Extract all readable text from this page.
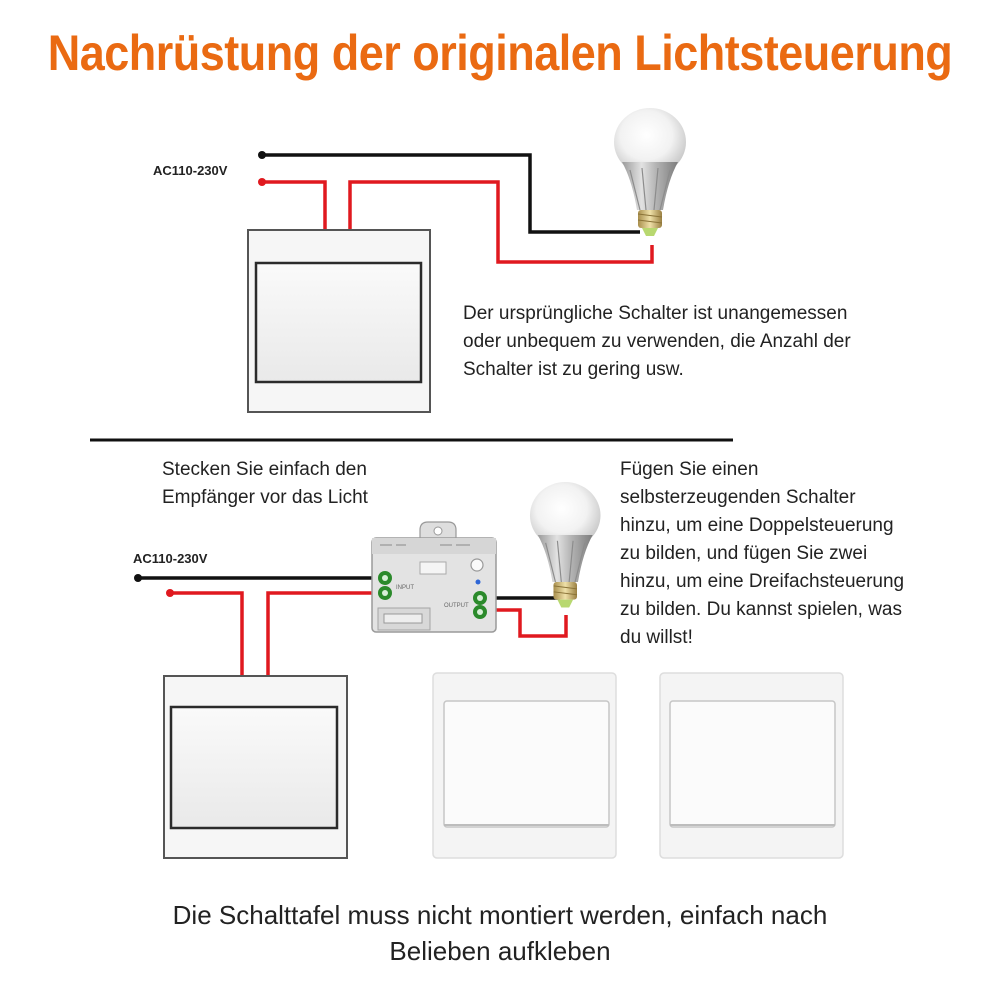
Nachrüstung der originalen Lichtsteuerung
INPUT
OUTPUT
AC110-230V
AC110-230V
Der ursprüngliche Schalter ist unangemessen
oder unbequem zu verwenden, die Anzahl der
Schalter ist zu gering usw.
Stecken Sie einfach den
Empfänger vor das Licht
Fügen Sie einen
selbsterzeugenden Schalter
hinzu, um eine Doppelsteuerung
zu bilden, und fügen Sie zwei
hinzu, um eine Dreifachsteuerung
zu bilden. Du kannst spielen, was
du willst!
Die Schalttafel muss nicht montiert werden, einfach nach
Belieben aufkleben
